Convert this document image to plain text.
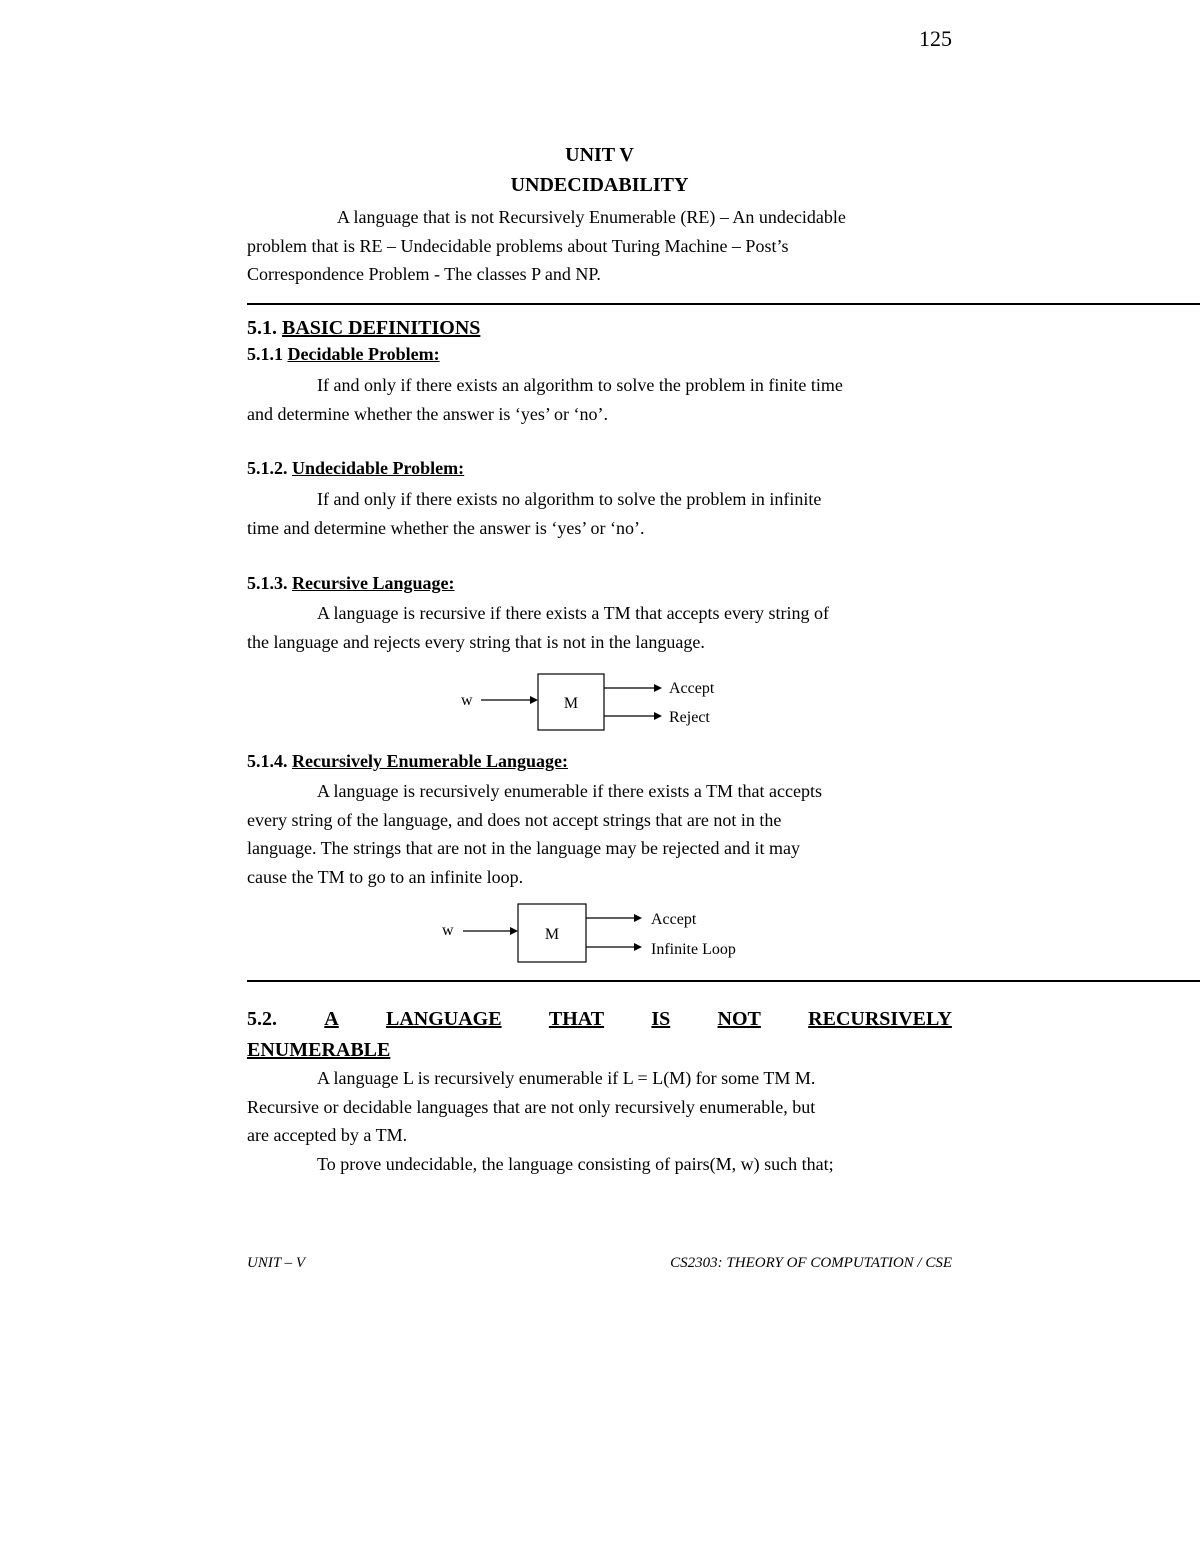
125
UNIT V
UNDECIDABILITY
A language that is not Recursively Enumerable (RE) – An undecidable
problem that is RE – Undecidable problems about Turing Machine – Post’s
Correspondence Problem - The classes P and NP.
5.1. BASIC DEFINITIONS
5.1.1 Decidable Problem:
If and only if there exists an algorithm to solve the problem in finite time
and determine whether the answer is ‘yes’ or ‘no’.
5.1.2. Undecidable Problem:
If and only if there exists no algorithm to solve the problem in infinite
time and determine whether the answer is ‘yes’ or ‘no’.
5.1.3. Recursive Language:
A language is recursive if there exists a TM that accepts every string of
the language and rejects every string that is not in the language.
w	M
Accept
Reject
5.1.4. Recursively Enumerable Language:
A language is recursively enumerable if there exists a TM that accepts
every string of the language, and does not accept strings that are not in the
language. The strings that are not in the language may be rejected and it may
cause the TM to go to an infinite loop.
w	M
Accept
Infinite Loop
5.2. A LANGUAGE THAT IS NOT RECURSIVELY
ENUMERABLE
A language L is recursively enumerable if L = L(M) for some TM M.
Recursive or decidable languages that are not only recursively enumerable, but
are accepted by a TM.
To prove undecidable, the language consisting of pairs(M, w) such that;
UNIT – V	CS2303: THEORY OF COMPUTATION / CSE
